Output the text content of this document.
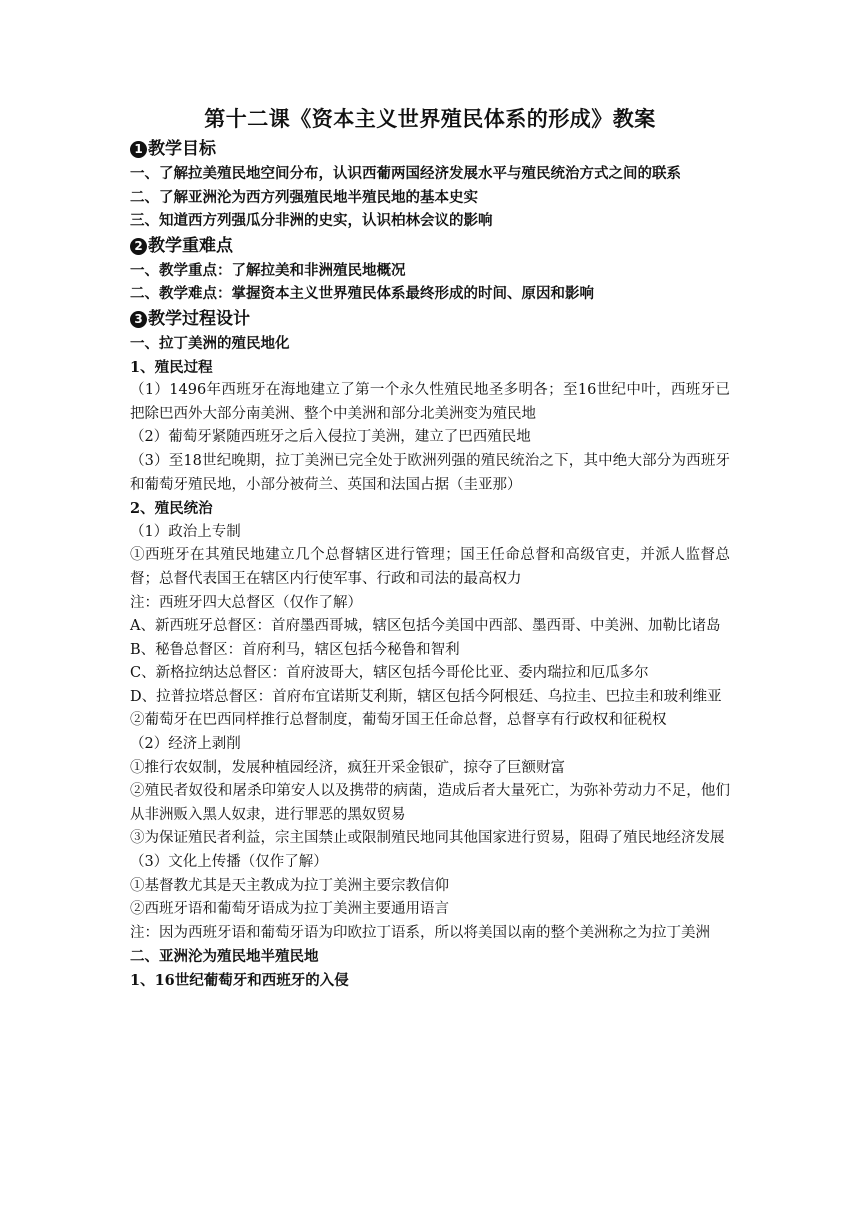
第十二课《资本主义世界殖民体系的形成》教案
1 教学目标
一、了解拉美殖民地空间分布，认识西葡两国经济发展水平与殖民统治方式之间的联系
二、了解亚洲沦为西方列强殖民地半殖民地的基本史实
三、知道西方列强瓜分非洲的史实，认识柏林会议的影响
2 教学重难点
一、教学重点：了解拉美和非洲殖民地概况
二、教学难点：掌握资本主义世界殖民体系最终形成的时间、原因和影响
3 教学过程设计
一、拉丁美洲的殖民地化
1、殖民过程
（1）1496年西班牙在海地建立了第一个永久性殖民地圣多明各；至16世纪中叶，西班牙已把除巴西外大部分南美洲、整个中美洲和部分北美洲变为殖民地
（2）葡萄牙紧随西班牙之后入侵拉丁美洲，建立了巴西殖民地
（3）至18世纪晚期，拉丁美洲已完全处于欧洲列强的殖民统治之下，其中绝大部分为西班牙和葡萄牙殖民地，小部分被荷兰、英国和法国占据（圭亚那）
2、殖民统治
（1）政治上专制
①西班牙在其殖民地建立几个总督辖区进行管理；国王任命总督和高级官吏，并派人监督总督；总督代表国王在辖区内行使军事、行政和司法的最高权力
注：西班牙四大总督区（仅作了解）
A、新西班牙总督区：首府墨西哥城，辖区包括今美国中西部、墨西哥、中美洲、加勒比诸岛
B、秘鲁总督区：首府利马，辖区包括今秘鲁和智利
C、新格拉纳达总督区：首府波哥大，辖区包括今哥伦比亚、委内瑞拉和厄瓜多尔
D、拉普拉塔总督区：首府布宜诺斯艾利斯，辖区包括今阿根廷、乌拉圭、巴拉圭和玻利维亚
②葡萄牙在巴西同样推行总督制度，葡萄牙国王任命总督，总督享有行政权和征税权
（2）经济上剥削
①推行农奴制，发展种植园经济，疯狂开采金银矿，掠夺了巨额财富
②殖民者奴役和屠杀印第安人以及携带的病菌，造成后者大量死亡，为弥补劳动力不足，他们从非洲贩入黑人奴隶，进行罪恶的黑奴贸易
③为保证殖民者利益，宗主国禁止或限制殖民地同其他国家进行贸易，阻碍了殖民地经济发展
（3）文化上传播（仅作了解）
①基督教尤其是天主教成为拉丁美洲主要宗教信仰
②西班牙语和葡萄牙语成为拉丁美洲主要通用语言
注：因为西班牙语和葡萄牙语为印欧拉丁语系，所以将美国以南的整个美洲称之为拉丁美洲
二、亚洲沦为殖民地半殖民地
1、16世纪葡萄牙和西班牙的入侵
